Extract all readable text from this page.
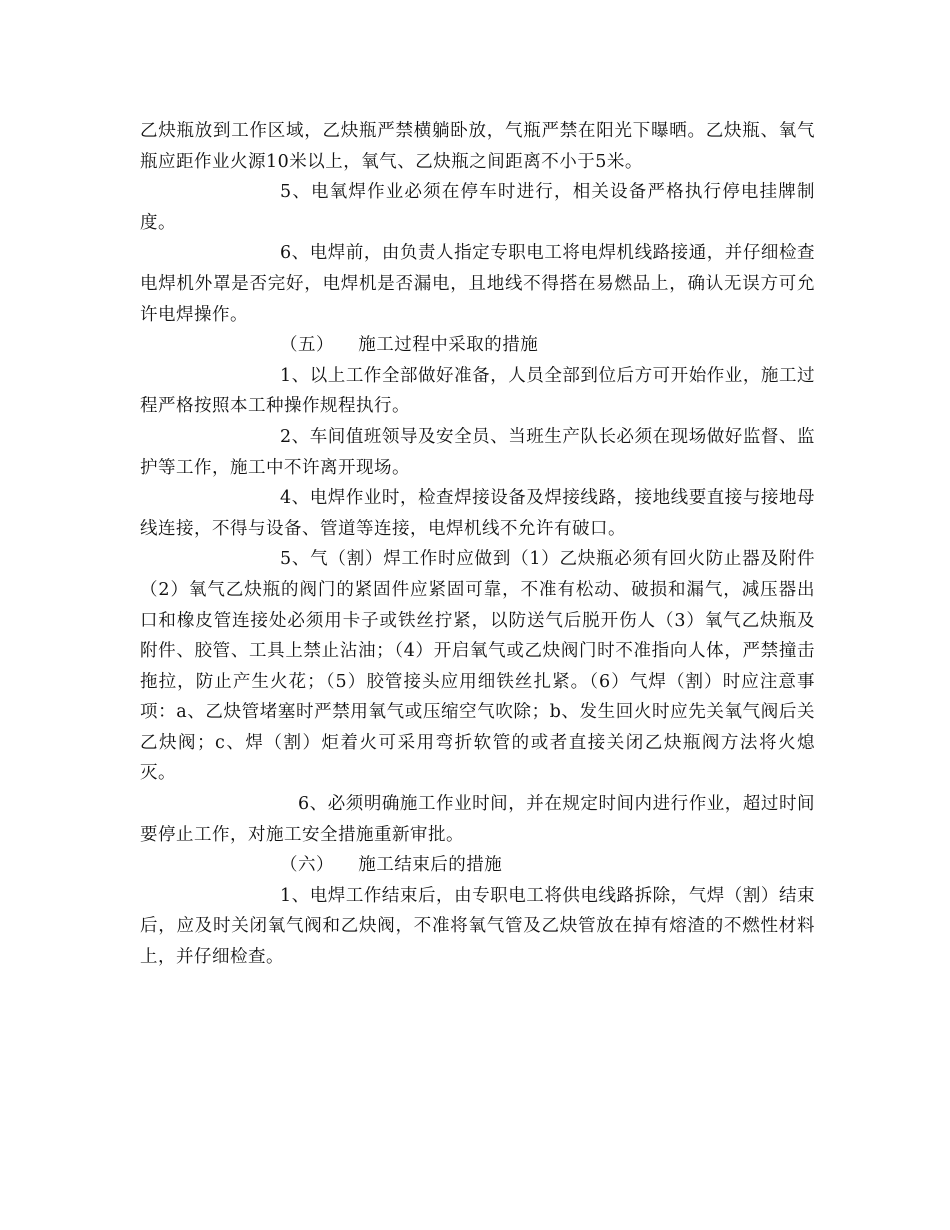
乙炔瓶放到工作区域，乙炔瓶严禁横躺卧放，气瓶严禁在阳光下曝晒。乙炔瓶、氧气瓶应距作业火源10米以上，氧气、乙炔瓶之间距离不小于5米。

5、电氧焊作业必须在停车时进行，相关设备严格执行停电挂牌制度。

6、电焊前，由负责人指定专职电工将电焊机线路接通，并仔细检查电焊机外罩是否完好，电焊机是否漏电，且地线不得搭在易燃品上，确认无误方可允许电焊操作。

（五）    施工过程中采取的措施

1、以上工作全部做好准备，人员全部到位后方可开始作业，施工过程严格按照本工种操作规程执行。

2、车间值班领导及安全员、当班生产队长必须在现场做好监督、监护等工作，施工中不许离开现场。

4、电焊作业时，检查焊接设备及焊接线路，接地线要直接与接地母线连接，不得与设备、管道等连接，电焊机线不允许有破口。

5、气（割）焊工作时应做到（1）乙炔瓶必须有回火防止器及附件（2）氧气乙炔瓶的阀门的紧固件应紧固可靠，不准有松动、破损和漏气，减压器出口和橡皮管连接处必须用卡子或铁丝拧紧，以防送气后脱开伤人（3）氧气乙炔瓶及附件、胶管、工具上禁止沾油；（4）开启氧气或乙炔阀门时不准指向人体，严禁撞击拖拉，防止产生火花；（5）胶管接头应用细铁丝扎紧。（6）气焊（割）时应注意事项：a、乙炔管堵塞时严禁用氧气或压缩空气吹除；b、发生回火时应先关氧气阀后关乙炔阀；c、焊（割）炬着火可采用弯折软管的或者直接关闭乙炔瓶阀方法将火熄灭。

6、必须明确施工作业时间，并在规定时间内进行作业，超过时间要停止工作，对施工安全措施重新审批。

（六）    施工结束后的措施

1、电焊工作结束后，由专职电工将供电线路拆除，气焊（割）结束后，应及时关闭氧气阀和乙炔阀，不准将氧气管及乙炔管放在掉有熔渣的不燃性材料上，并仔细检查。
